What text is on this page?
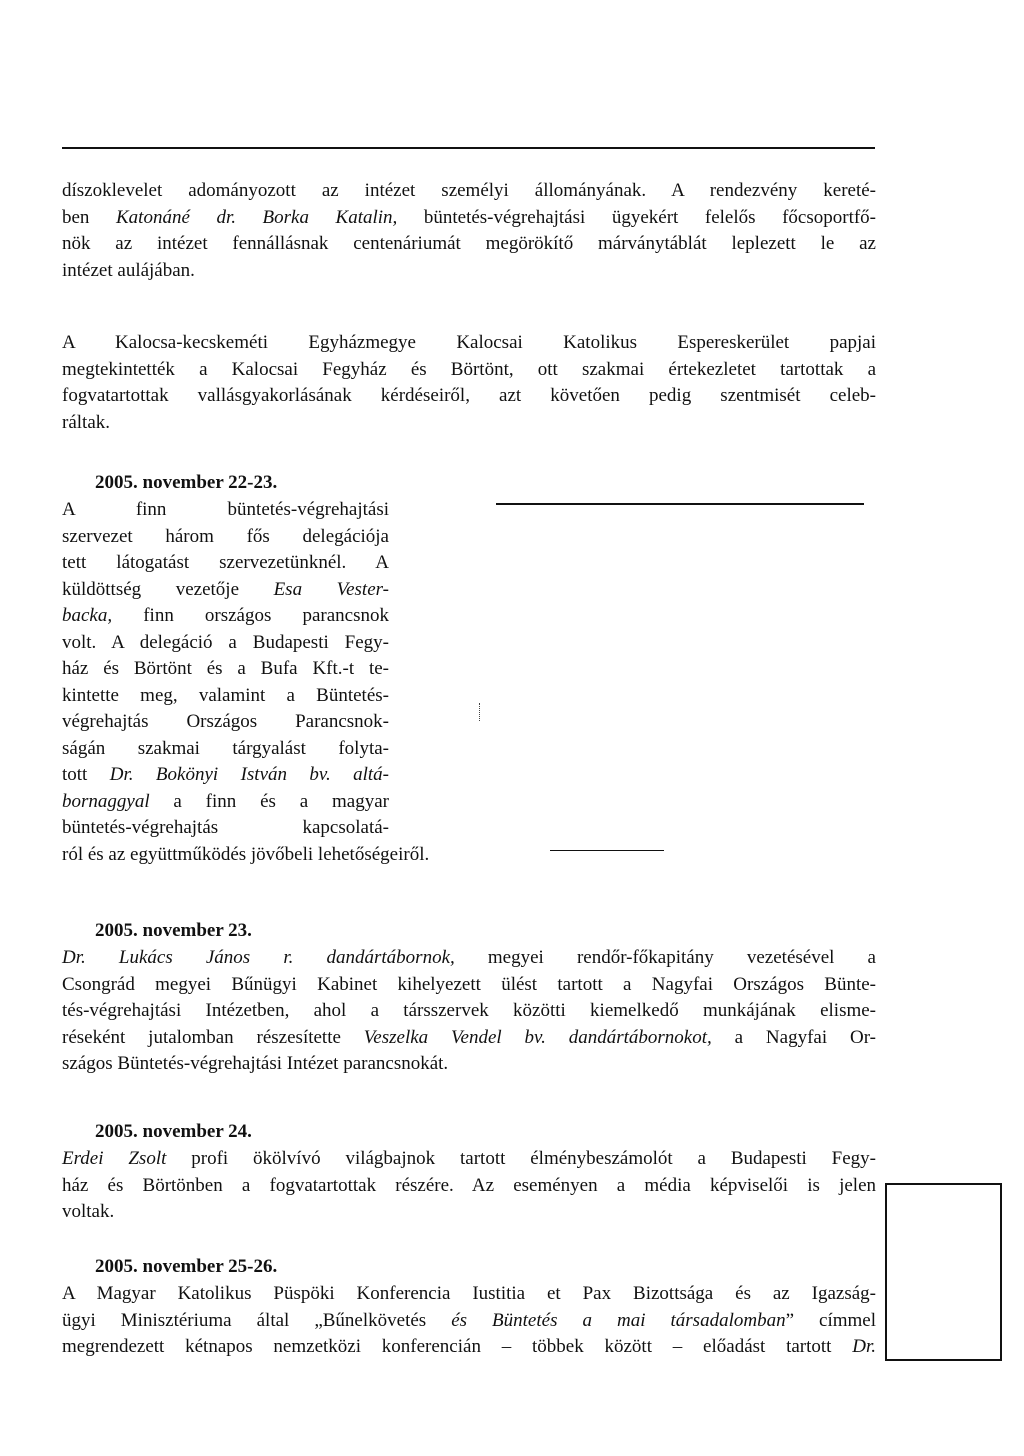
díszoklevelet adományozott az intézet személyi állományának. A rendezvény kereté-
ben Katonáné dr. Borka Katalin, büntetés-végrehajtási ügyekért felelős főcsoportfő-
nök az intézet fennállásnak centenáriumát megörökítő márványtáblát leplezett le az
intézet aulájában.
A Kalocsa-kecskeméti Egyházmegye Kalocsai Katolikus Espereskerület papjai
megtekintették a Kalocsai Fegyház és Börtönt, ott szakmai értekezletet tartottak a
fogvatartottak vallásgyakorlásának kérdéseiről, azt követően pedig szentmisét celeb-
ráltak.
2005. november 22-23.
A finn büntetés-végrehajtási
szervezet három fős delegációja
tett látogatást szervezetünknél. A
küldöttség vezetője Esa Vester-
backa, finn országos parancsnok
volt. A delegáció a Budapesti Fegy-
ház és Börtönt és a Bufa Kft.-t te-
kintette meg, valamint a Büntetés-
végrehajtás Országos Parancsnok-
ságán szakmai tárgyalást folyta-
tott Dr. Bokönyi István bv. altá-
bornaggyal a finn és a magyar
büntetés-végrehajtás kapcsolatá-
ról és az együttműködés jövőbeli lehetőségeiről.
2005. november 23.
Dr. Lukács János r. dandártábornok, megyei rendőr-főkapitány vezetésével a
Csongrád megyei Bűnügyi Kabinet kihelyezett ülést tartott a Nagyfai Országos Bünte-
tés-végrehajtási Intézetben, ahol a társszervek közötti kiemelkedő munkájának elisme-
réseként jutalomban részesítette Veszelka Vendel bv. dandártábornokot, a Nagyfai Or-
szágos Büntetés-végrehajtási Intézet parancsnokát.
2005. november 24.
Erdei Zsolt profi ökölvívó világbajnok tartott élménybeszámolót a Budapesti Fegy-
ház és Börtönben a fogvatartottak részére. Az eseményen a média képviselői is jelen
voltak.
2005. november 25-26.
A Magyar Katolikus Püspöki Konferencia Iustitia et Pax Bizottsága és az Igazság-
ügyi Minisztériuma által „Bűnelkövetés és Büntetés a mai társadalomban” címmel
megrendezett kétnapos nemzetközi konferencián – többek között – előadást tartott Dr.
